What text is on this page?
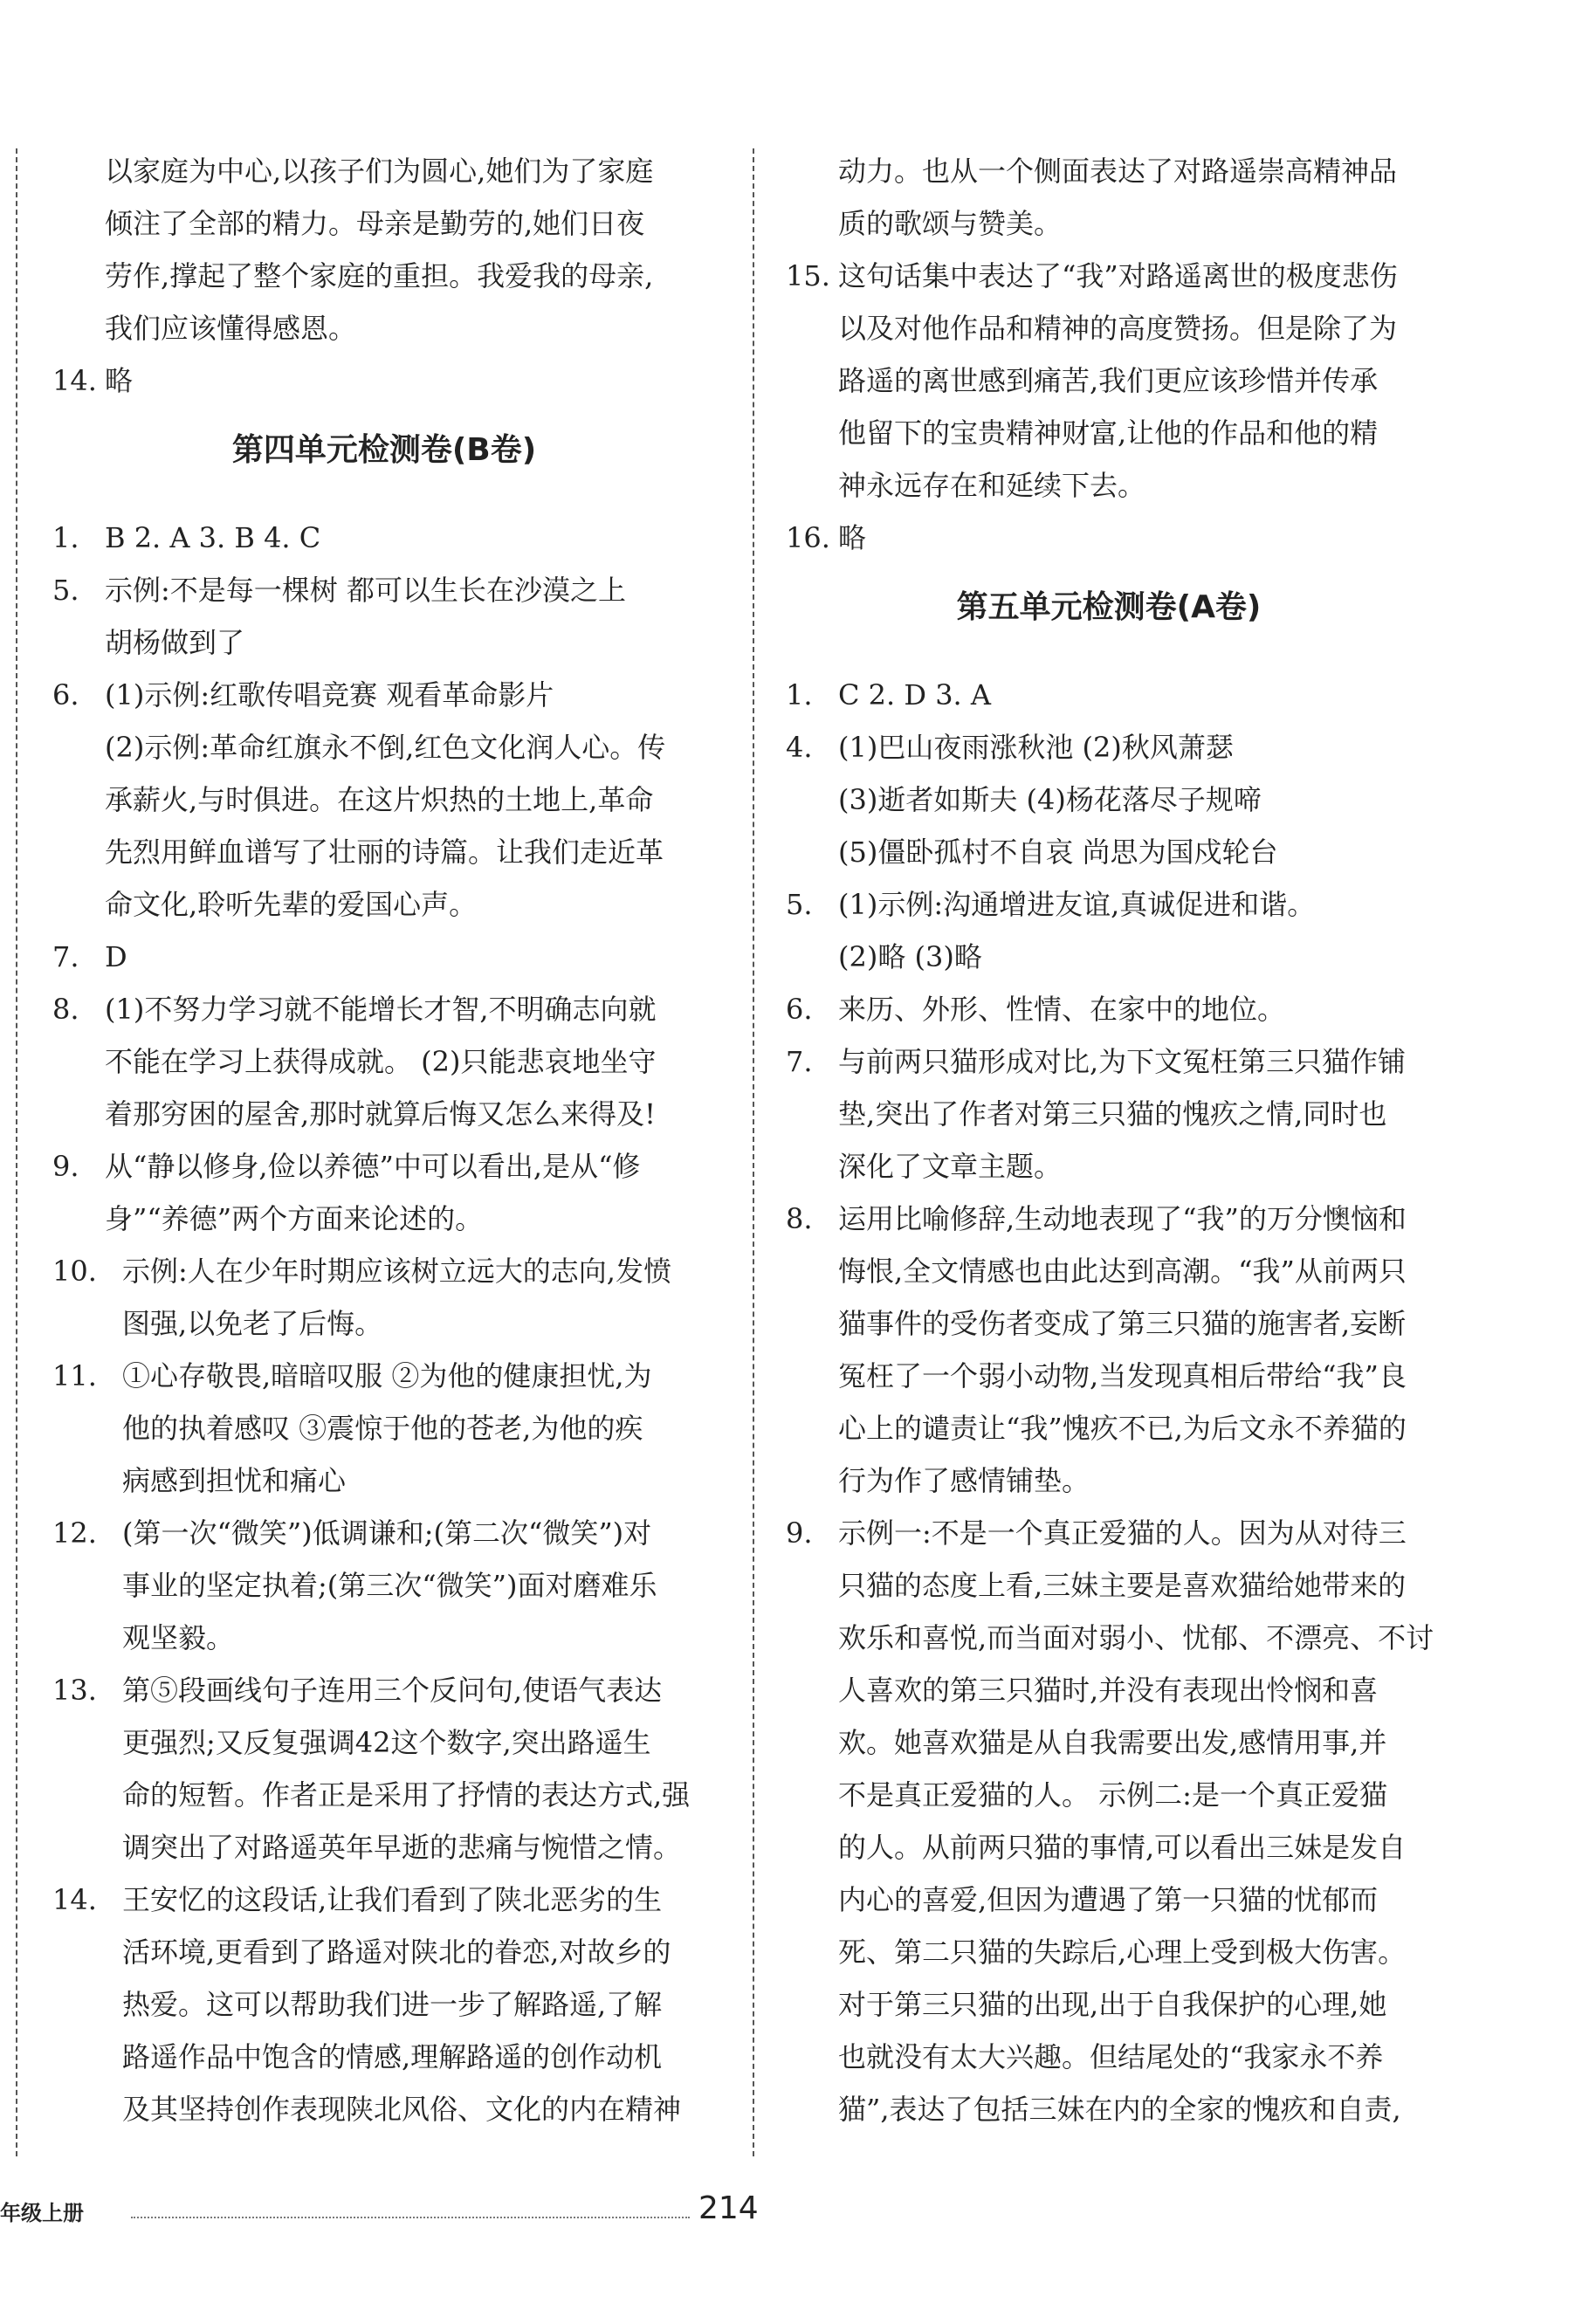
以家庭为中心,以孩子们为圆心,她们为了家庭
倾注了全部的精力。母亲是勤劳的,她们日夜
劳作,撑起了整个家庭的重担。我爱我的母亲,
我们应该懂得感恩。
14. 略
第四单元检测卷(B卷)
1. B 2. A 3. B 4. C
5. 示例:不是每一棵树 都可以生长在沙漠之上
胡杨做到了
6. (1)示例:红歌传唱竞赛 观看革命影片
(2)示例:革命红旗永不倒,红色文化润人心。传
承薪火,与时俱进。在这片炽热的土地上,革命
先烈用鲜血谱写了壮丽的诗篇。让我们走近革
命文化,聆听先辈的爱国心声。
7. D
8. (1)不努力学习就不能增长才智,不明确志向就
不能在学习上获得成就。 (2)只能悲哀地坐守
着那穷困的屋舍,那时就算后悔又怎么来得及!
9. 从“静以修身,俭以养德”中可以看出,是从“修
身”“养德”两个方面来论述的。
10. 示例:人在少年时期应该树立远大的志向,发愤
图强,以免老了后悔。
11. ①心存敬畏,暗暗叹服 ②为他的健康担忧,为
他的执着感叹 ③震惊于他的苍老,为他的疾
病感到担忧和痛心
12. (第一次“微笑”)低调谦和;(第二次“微笑”)对
事业的坚定执着;(第三次“微笑”)面对磨难乐
观坚毅。
13. 第⑤段画线句子连用三个反问句,使语气表达
更强烈;又反复强调42这个数字,突出路遥生
命的短暂。作者正是采用了抒情的表达方式,强
调突出了对路遥英年早逝的悲痛与惋惜之情。
14. 王安忆的这段话,让我们看到了陕北恶劣的生
活环境,更看到了路遥对陕北的眷恋,对故乡的
热爱。这可以帮助我们进一步了解路遥,了解
路遥作品中饱含的情感,理解路遥的创作动机
及其坚持创作表现陕北风俗、文化的内在精神
动力。也从一个侧面表达了对路遥崇高精神品
质的歌颂与赞美。
15. 这句话集中表达了“我”对路遥离世的极度悲伤
以及对他作品和精神的高度赞扬。但是除了为
路遥的离世感到痛苦,我们更应该珍惜并传承
他留下的宝贵精神财富,让他的作品和他的精
神永远存在和延续下去。
16. 略
第五单元检测卷(A卷)
1. C 2. D 3. A
4. (1)巴山夜雨涨秋池 (2)秋风萧瑟
(3)逝者如斯夫 (4)杨花落尽子规啼
(5)僵卧孤村不自哀 尚思为国戍轮台
5. (1)示例:沟通增进友谊,真诚促进和谐。
(2)略 (3)略
6. 来历、外形、性情、在家中的地位。
7. 与前两只猫形成对比,为下文冤枉第三只猫作铺
垫,突出了作者对第三只猫的愧疚之情,同时也
深化了文章主题。
8. 运用比喻修辞,生动地表现了“我”的万分懊恼和
悔恨,全文情感也由此达到高潮。“我”从前两只
猫事件的受伤者变成了第三只猫的施害者,妄断
冤枉了一个弱小动物,当发现真相后带给“我”良
心上的谴责让“我”愧疚不已,为后文永不养猫的
行为作了感情铺垫。
9. 示例一:不是一个真正爱猫的人。因为从对待三
只猫的态度上看,三妹主要是喜欢猫给她带来的
欢乐和喜悦,而当面对弱小、忧郁、不漂亮、不讨
人喜欢的第三只猫时,并没有表现出怜悯和喜
欢。她喜欢猫是从自我需要出发,感情用事,并
不是真正爱猫的人。 示例二:是一个真正爱猫
的人。从前两只猫的事情,可以看出三妹是发自
内心的喜爱,但因为遭遇了第一只猫的忧郁而
死、第二只猫的失踪后,心理上受到极大伤害。
对于第三只猫的出现,出于自我保护的心理,她
也就没有太大兴趣。但结尾处的“我家永不养
猫”,表达了包括三妹在内的全家的愧疚和自责,
年级上册	214
